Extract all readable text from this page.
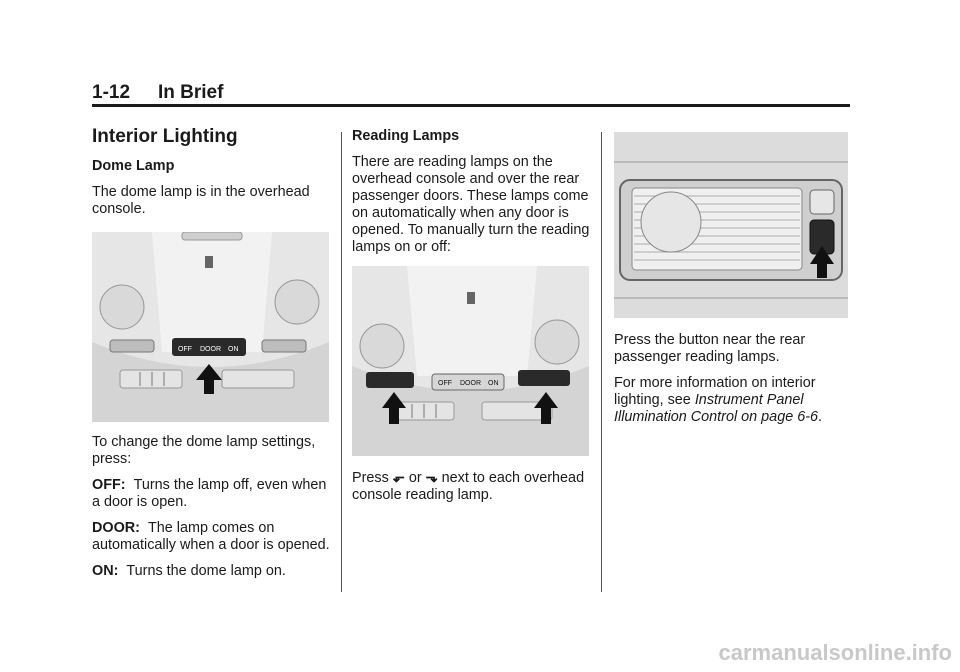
1-12 In Brief
Interior Lighting

Dome Lamp

The dome lamp is in the overhead console.

OFF DOOR ON

To change the dome lamp settings, press:

OFF: Turns the lamp off, even when a door is open.

DOOR: The lamp comes on automatically when a door is opened.

ON: Turns the dome lamp on.

Reading Lamps

There are reading lamps on the overhead console and over the rear passenger doors. These lamps come on automatically when any door is opened. To manually turn the reading lamps on or off:

OFF DOOR ON

Press ⬐ or ⬎ next to each overhead console reading lamp.

Press the button near the rear passenger reading lamps.

For more information on interior lighting, see Instrument Panel Illumination Control on page 6-6.

carmanualsonline.info
